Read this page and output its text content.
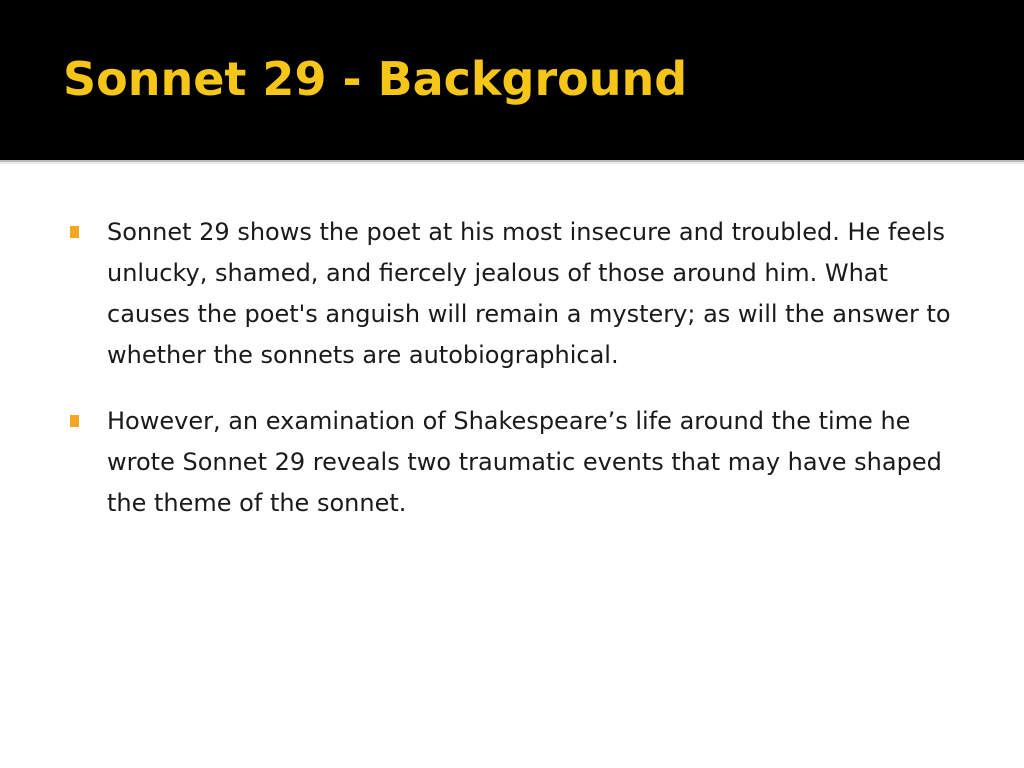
Sonnet 29 - Background
Sonnet 29 shows the poet at his most insecure and troubled. He feels unlucky, shamed, and fiercely jealous of those around him. What causes the poet's anguish will remain a mystery; as will the answer to whether the sonnets are autobiographical.
However, an examination of Shakespeare’s life around the time he wrote Sonnet 29 reveals two traumatic events that may have shaped the theme of the sonnet.
